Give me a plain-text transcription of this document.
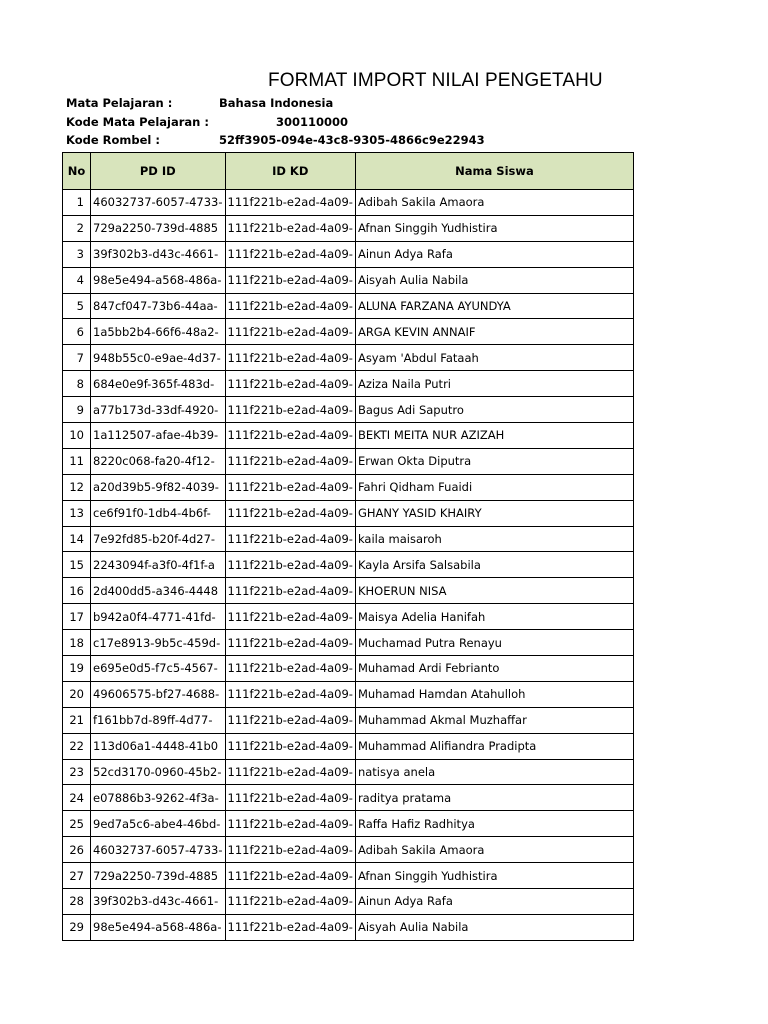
FORMAT IMPORT NILAI PENGETAHU
Mata Pelajaran :	Bahasa Indonesia
Kode Mata Pelajaran :	300110000
Kode Rombel :	52ff3905-094e-43c8-9305-4866c9e22943
No	PD ID	ID KD	Nama Siswa
1	46032737-6057-4733-	111f221b-e2ad-4a09-	Adibah Sakila Amaora
2	729a2250-739d-4885	111f221b-e2ad-4a09-	Afnan Singgih Yudhistira
3	39f302b3-d43c-4661-	111f221b-e2ad-4a09-	Ainun Adya Rafa
4	98e5e494-a568-486a-	111f221b-e2ad-4a09-	Aisyah Aulia Nabila
5	847cf047-73b6-44aa-	111f221b-e2ad-4a09-	ALUNA FARZANA AYUNDYA
6	1a5bb2b4-66f6-48a2-	111f221b-e2ad-4a09-	ARGA KEVIN ANNAIF
7	948b55c0-e9ae-4d37-	111f221b-e2ad-4a09-	Asyam 'Abdul Fataah
8	684e0e9f-365f-483d-	111f221b-e2ad-4a09-	Aziza Naila Putri
9	a77b173d-33df-4920-	111f221b-e2ad-4a09-	Bagus Adi Saputro
10	1a112507-afae-4b39-	111f221b-e2ad-4a09-	BEKTI MEITA NUR AZIZAH
11	8220c068-fa20-4f12-	111f221b-e2ad-4a09-	Erwan Okta Diputra
12	a20d39b5-9f82-4039-	111f221b-e2ad-4a09-	Fahri Qidham Fuaidi
13	ce6f91f0-1db4-4b6f-	111f221b-e2ad-4a09-	GHANY YASID KHAIRY
14	7e92fd85-b20f-4d27-	111f221b-e2ad-4a09-	kaila maisaroh
15	2243094f-a3f0-4f1f-a	111f221b-e2ad-4a09-	Kayla Arsifa Salsabila
16	2d400dd5-a346-4448	111f221b-e2ad-4a09-	KHOERUN NISA
17	b942a0f4-4771-41fd-	111f221b-e2ad-4a09-	Maisya Adelia Hanifah
18	c17e8913-9b5c-459d-	111f221b-e2ad-4a09-	Muchamad Putra Renayu
19	e695e0d5-f7c5-4567-	111f221b-e2ad-4a09-	Muhamad Ardi Febrianto
20	49606575-bf27-4688-	111f221b-e2ad-4a09-	Muhamad Hamdan Atahulloh
21	f161bb7d-89ff-4d77-	111f221b-e2ad-4a09-	Muhammad Akmal Muzhaffar
22	113d06a1-4448-41b0	111f221b-e2ad-4a09-	Muhammad Alifiandra Pradipta
23	52cd3170-0960-45b2-	111f221b-e2ad-4a09-	natisya anela
24	e07886b3-9262-4f3a-	111f221b-e2ad-4a09-	raditya pratama
25	9ed7a5c6-abe4-46bd-	111f221b-e2ad-4a09-	Raffa Hafiz Radhitya
26	46032737-6057-4733-	111f221b-e2ad-4a09-	Adibah Sakila Amaora
27	729a2250-739d-4885	111f221b-e2ad-4a09-	Afnan Singgih Yudhistira
28	39f302b3-d43c-4661-	111f221b-e2ad-4a09-	Ainun Adya Rafa
29	98e5e494-a568-486a-	111f221b-e2ad-4a09-	Aisyah Aulia Nabila
